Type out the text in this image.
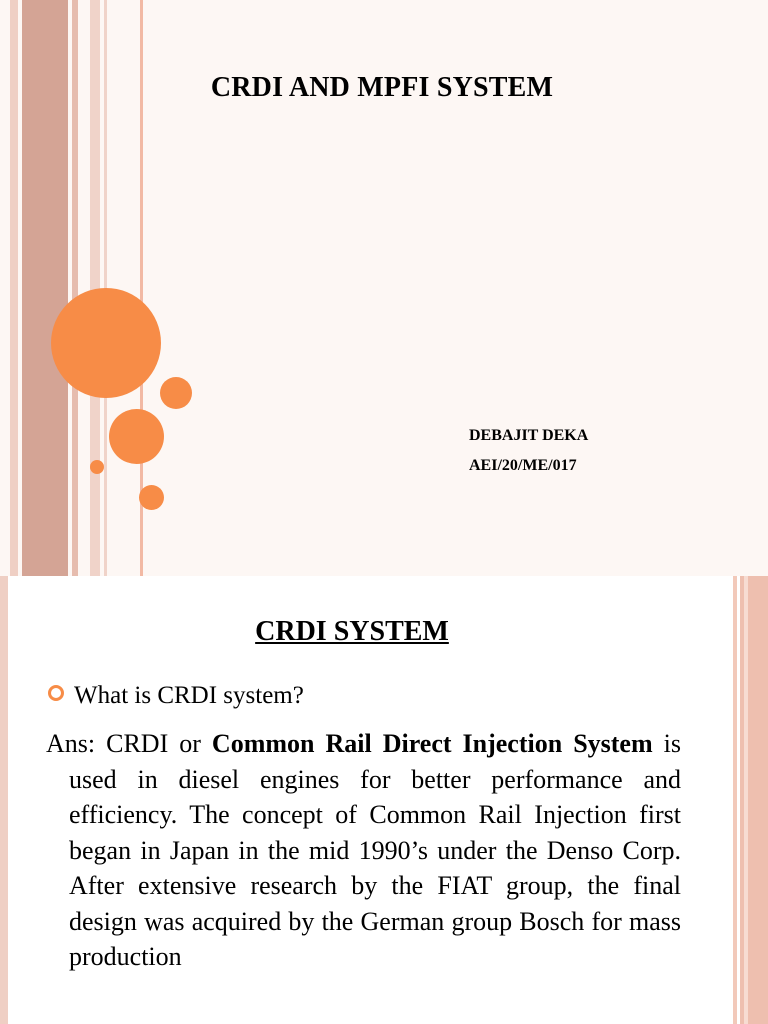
CRDI AND MPFI SYSTEM
DEBAJIT DEKA
AEI/20/ME/017
CRDI SYSTEM
What is CRDI system?
Ans: CRDI or Common Rail Direct Injection System is used in diesel engines for better performance and efficiency. The concept of Common Rail Injection first began in Japan in the mid 1990’s under the Denso Corp. After extensive research by the FIAT group, the final design was acquired by the German group Bosch for mass production
